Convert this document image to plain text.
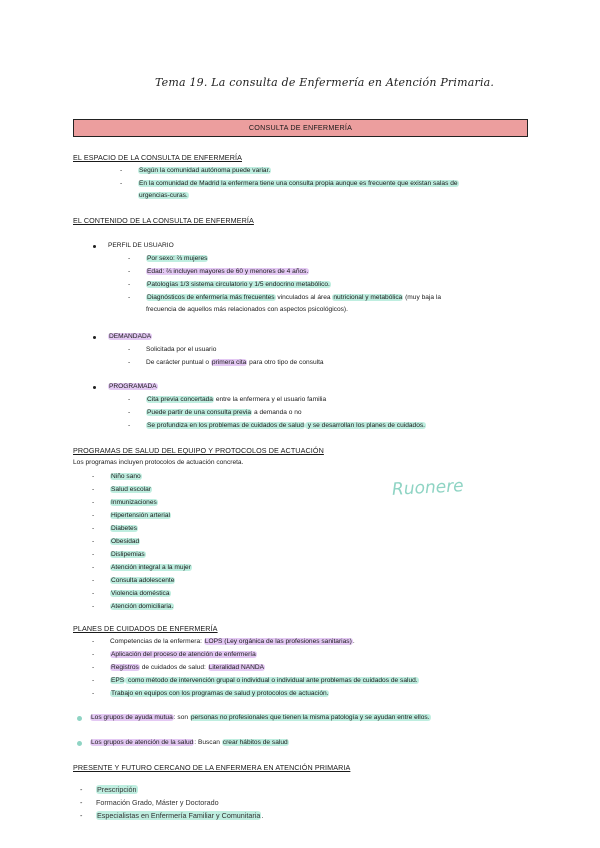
Tema 19. La consulta de Enfermería en Atención Primaria.
CONSULTA DE ENFERMERÍA
EL ESPACIO DE LA CONSULTA DE ENFERMERÍA
-	Según la comunidad autónoma puede variar.
-	En la comunidad de Madrid la enfermera tiene una consulta propia aunque es frecuente que existan salas de
urgencias-curas.
EL CONTENIDO DE LA CONSULTA DE ENFERMERÍA
PERFIL DE USUARIO
-	Por sexo: ⅔ mujeres
-	Edad: ⅔ incluyen mayores de 60 y menores de 4 años.
-	Patologías 1/3 sistema circulatorio y 1/5 endocrino metabólico.
-	Diagnósticos de enfermería más frecuentes vinculados al área nutricional y metabólica (muy baja la
frecuencia de aquellos más relacionados con aspectos psicológicos).
DEMANDADA
- Solicitada por el usuario
- De carácter puntual o primera cita para otro tipo de consulta
PROGRAMADA
-	Cita previa concertada entre la enfermera y el usuario familia
-	Puede partir de una consulta previa a demanda o no
-	Se profundiza en los problemas de cuidados de salud y se desarrollan los planes de cuidados.
PROGRAMAS DE SALUD DEL EQUIPO Y PROTOCOLOS DE ACTUACIÓN
Los programas incluyen protocolos de actuación concreta.
-	Niño sano
-	Salud escolar
-	Inmunizaciones
-	Hipertensión arterial
-	Diabetes
-	Obesidad
-	Dislipemias
-	Atención integral a la mujer
-	Consulta adolescente
-	Violencia doméstica
-	Atención domiciliaria.
Ruonere
PLANES DE CUIDADOS DE ENFERMERÍA
- Competencias de la enfermera: LOPS (Ley orgánica de las profesiones sanitarias).
-	Aplicación del proceso de atención de enfermería
-	Registros de cuidados de salud: Literalidad NANDA
-	EPS como método de intervención grupal o individual o individual ante problemas de cuidados de salud.
-	Trabajo en equipos con los programas de salud y protocolos de actuación.
Los grupos de ayuda mutua: son personas no profesionales que tienen la misma patología y se ayudan entre ellos.
Los grupos de atención de la salud: Buscan crear hábitos de salud
PRESENTE Y FUTURO CERCANO DE LA ENFERMERA EN ATENCIÓN PRIMARIA
- Prescripción
- Formación Grado, Máster y Doctorado
- Especialistas en Enfermería Familiar y Comunitaria.
